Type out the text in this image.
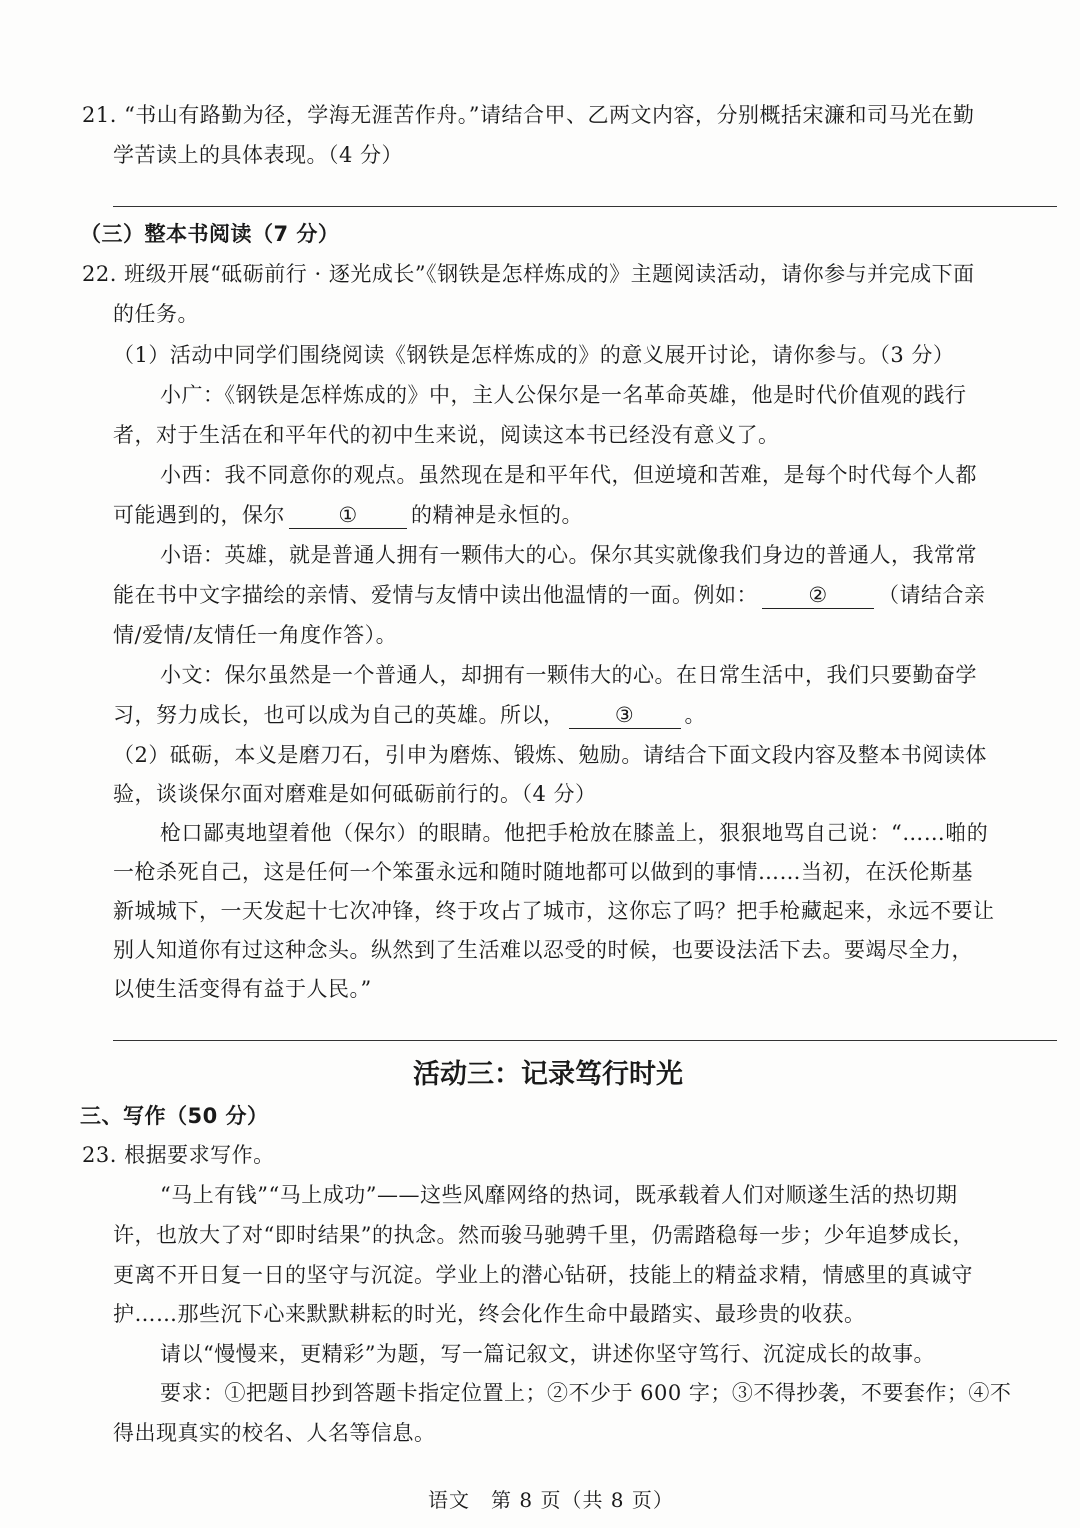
21. “书山有路勤为径，学海无涯苦作舟。”请结合甲、乙两文内容，分别概括宋濂和司马光在勤
学苦读上的具体表现。（4 分）
（三）整本书阅读（7 分）
22. 班级开展“砥砺前行 · 逐光成长”《钢铁是怎样炼成的》主题阅读活动，请你参与并完成下面
的任务。
（1）活动中同学们围绕阅读《钢铁是怎样炼成的》的意义展开讨论，请你参与。（3 分）
小广：《钢铁是怎样炼成的》中，主人公保尔是一名革命英雄，他是时代价值观的践行
者，对于生活在和平年代的初中生来说，阅读这本书已经没有意义了。
小西：我不同意你的观点。虽然现在是和平年代，但逆境和苦难，是每个时代每个人都
可能遇到的，保尔	①	的精神是永恒的。
小语：英雄，就是普通人拥有一颗伟大的心。保尔其实就像我们身边的普通人，我常常
能在书中文字描绘的亲情、爱情与友情中读出他温情的一面。例如： ② （请结合亲
情/爱情/友情任一角度作答）。
小文：保尔虽然是一个普通人，却拥有一颗伟大的心。在日常生活中，我们只要勤奋学
习，努力成长，也可以成为自己的英雄。所以， ③ 。
（2）砥砺，本义是磨刀石，引申为磨炼、锻炼、勉励。请结合下面文段内容及整本书阅读体
验，谈谈保尔面对磨难是如何砥砺前行的。（4 分）
枪口鄙夷地望着他（保尔）的眼睛。他把手枪放在膝盖上，狠狠地骂自己说：“……啪的
一枪杀死自己，这是任何一个笨蛋永远和随时随地都可以做到的事情……当初，在沃伦斯基
新城城下，一天发起十七次冲锋，终于攻占了城市，这你忘了吗？把手枪藏起来，永远不要让
别人知道你有过这种念头。纵然到了生活难以忍受的时候，也要设法活下去。要竭尽全力，
以使生活变得有益于人民。”
活动三：记录笃行时光
三、写作（50 分）
23. 根据要求写作。
“马上有钱”“马上成功”——这些风靡网络的热词，既承载着人们对顺遂生活的热切期
许，也放大了对“即时结果”的执念。然而骏马驰骋千里，仍需踏稳每一步；少年追梦成长，
更离不开日复一日的坚守与沉淀。学业上的潜心钻研，技能上的精益求精，情感里的真诚守
护……那些沉下心来默默耕耘的时光，终会化作生命中最踏实、最珍贵的收获。
请以“慢慢来，更精彩”为题，写一篇记叙文，讲述你坚守笃行、沉淀成长的故事。
要求：①把题目抄到答题卡指定位置上；②不少于 600 字；③不得抄袭，不要套作；④不
得出现真实的校名、人名等信息。
语文　第 8 页（共 8 页）
